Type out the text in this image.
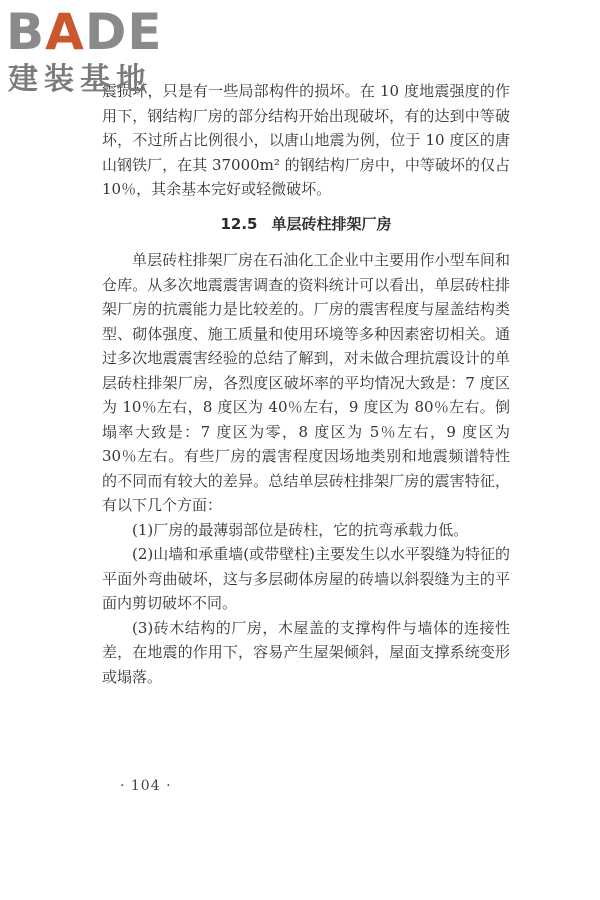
BADE
建装基地

震损坏，只是有一些局部构件的损坏。在 10 度地震强度的作用下，钢结构厂房的部分结构开始出现破坏，有的达到中等破坏，不过所占比例很小，以唐山地震为例，位于 10 度区的唐山钢铁厂，在其 37000m² 的钢结构厂房中，中等破坏的仅占 10％，其余基本完好或轻微破坏。

12.5 单层砖柱排架厂房

单层砖柱排架厂房在石油化工企业中主要用作小型车间和仓库。从多次地震震害调查的资料统计可以看出，单层砖柱排架厂房的抗震能力是比较差的。厂房的震害程度与屋盖结构类型、砌体强度、施工质量和使用环境等多种因素密切相关。通过多次地震震害经验的总结了解到，对未做合理抗震设计的单层砖柱排架厂房，各烈度区破坏率的平均情况大致是：7 度区为 10％左右，8 度区为 40％左右，9 度区为 80％左右。倒塌率大致是：7 度区为零，8 度区为 5％左右，9 度区为 30％左右。有些厂房的震害程度因场地类别和地震频谱特性的不同而有较大的差异。总结单层砖柱排架厂房的震害特征，有以下几个方面：

(1)厂房的最薄弱部位是砖柱，它的抗弯承载力低。

(2)山墙和承重墙(或带壁柱)主要发生以水平裂缝为特征的平面外弯曲破坏，这与多层砌体房屋的砖墙以斜裂缝为主的平面内剪切破坏不同。

(3)砖木结构的厂房，木屋盖的支撑构件与墙体的连接性差，在地震的作用下，容易产生屋架倾斜，屋面支撑系统变形或塌落。

· 104 ·
